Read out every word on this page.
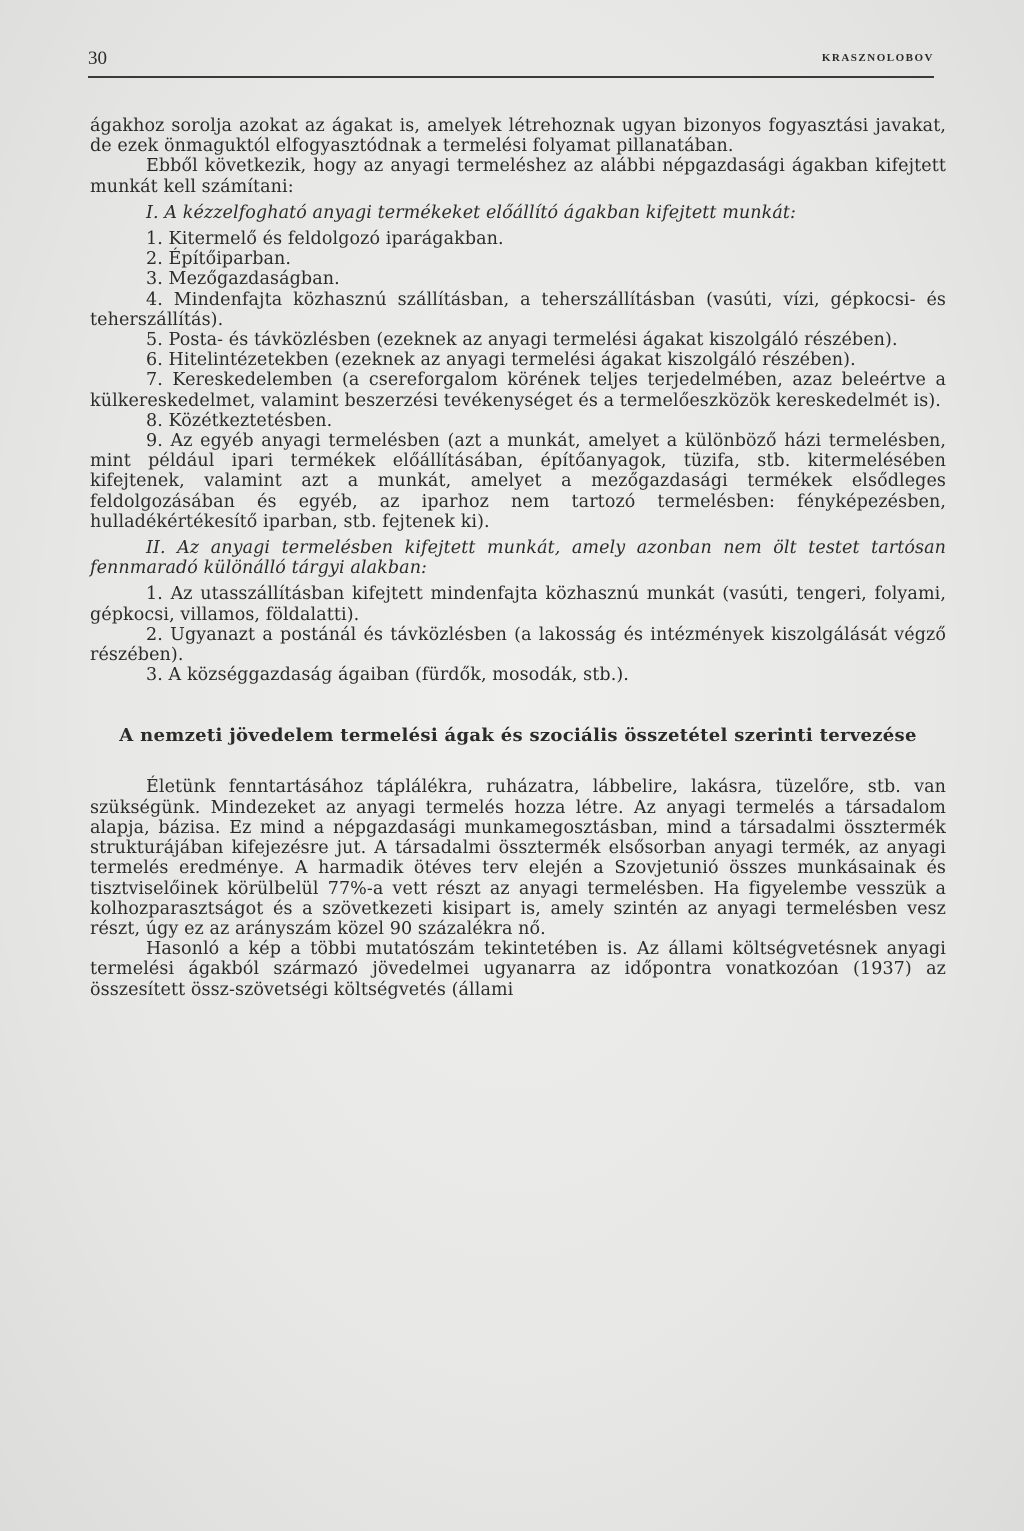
30	KRASZNOLOBOV

ágakhoz sorolja azokat az ágakat is, amelyek létrehoznak ugyan bizonyos fogyasztási javakat, de ezek önmaguktól elfogyasztódnak a termelési folyamat pillanatában.

Ebből következik, hogy az anyagi termeléshez az alábbi népgazdasági ágakban kifejtett munkát kell számítani:

I. A kézzelfogható anyagi termékeket előállító ágakban kifejtett munkát:

1. Kitermelő és feldolgozó iparágakban.

2. Építőiparban.

3. Mezőgazdaságban.

4. Mindenfajta közhasznú szállításban, a teherszállításban (vasúti, vízi, gépkocsi- és teherszállítás).

5. Posta- és távközlésben (ezeknek az anyagi termelési ágakat kiszolgáló részében).

6. Hitelintézetekben (ezeknek az anyagi termelési ágakat kiszolgáló részében).

7. Kereskedelemben (a csereforgalom körének teljes terjedelmében, azaz beleértve a külkereskedelmet, valamint beszerzési tevékenységet és a termelőeszközök kereskedelmét is).

8. Közétkeztetésben.

9. Az egyéb anyagi termelésben (azt a munkát, amelyet a különböző házi termelésben, mint például ipari termékek előállításában, építőanyagok, tüzifa, stb. kitermelésében kifejtenek, valamint azt a munkát, amelyet a mezőgazdasági termékek elsődleges feldolgozásában és egyéb, az iparhoz nem tartozó termelésben: fényképezésben, hulladékértékesítő iparban, stb. fejtenek ki).

II. Az anyagi termelésben kifejtett munkát, amely azonban nem ölt testet tartósan fennmaradó különálló tárgyi alakban:

1. Az utasszállításban kifejtett mindenfajta közhasznú munkát (vasúti, tengeri, folyami, gépkocsi, villamos, földalatti).

2. Ugyanazt a postánál és távközlésben (a lakosság és intézmények kiszolgálását végző részében).

3. A községgazdaság ágaiban (fürdők, mosodák, stb.).

A nemzeti jövedelem termelési ágak és szociális összetétel szerinti tervezése

Életünk fenntartásához táplálékra, ruházatra, lábbelire, lakásra, tüzelőre, stb. van szükségünk. Mindezeket az anyagi termelés hozza létre. Az anyagi termelés a társadalom alapja, bázisa. Ez mind a népgazdasági munkamegosztásban, mind a társadalmi össztermék strukturájában kifejezésre jut. A társadalmi össztermék elsősorban anyagi termék, az anyagi termelés eredménye. A harmadik ötéves terv elején a Szovjetunió összes munkásainak és tisztviselőinek körülbelül 77%-a vett részt az anyagi termelésben. Ha figyelembe vesszük a kolhozparasztságot és a szövetkezeti kisipart is, amely szintén az anyagi termelésben vesz részt, úgy ez az arányszám közel 90 százalékra nő.

Hasonló a kép a többi mutatószám tekintetében is. Az állami költségvetésnek anyagi termelési ágakból származó jövedelmei ugyanarra az időpontra vonatkozóan (1937) az összesített össz-szövetségi költségvetés (állami
